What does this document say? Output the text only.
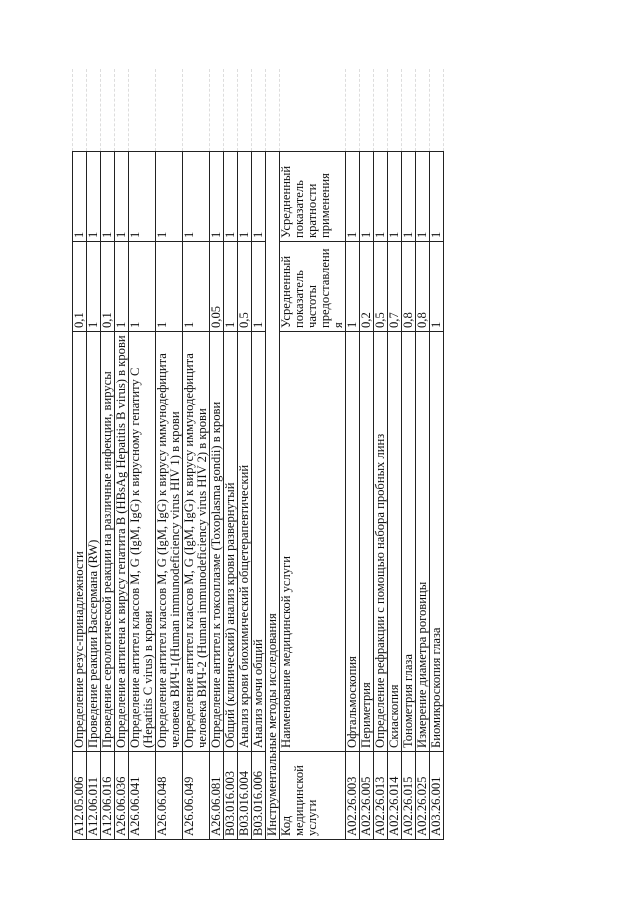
A12.05.006	Определение резус-принадлежности	0,1	1	
A12.06.011	Проведение реакции Вассермана (RW)	1	1	
A12.06.016	Проведение серологической реакции на различные инфекции, вирусы	0,1	1	
A26.06.036	Определение антигена к вирусу гепатита В (HBsAg Hepatitis В virus) в крови	1	1	
A26.06.041	Определение антител классов М, G (IgM, IgG) к вирусному гепатиту С (Hepatitis С virus) в крови	1	1	
A26.06.048	Определение антител классов М, G (IgM, IgG) к вирусу иммунодефицита человека ВИЧ-1(Human immunodeficiency virus HIV 1) в крови	1	1	
A26.06.049	Определение антител классов М, G (IgM, IgG) к вирусу иммунодефицита человека ВИЧ-2 (Human immunodeficiency virus HIV 2) в крови	1	1	
A26.06.081	Определение антител к токсоплазме (Toxoplasma gondii) в крови	0,05	1	
B03.016.003	Общий (клинический) анализ крови развернутый	1	1	
B03.016.004	Анализ крови биохимический общетерапевтический	0,5	1	
B03.016.006	Анализ мочи общий	1	1	
Инструментальные методы исследования				
Код медицинской услуги	Наименование медицинской услуги	Усредненный показатель частоты предоставления	Усредненный показатель кратности применения	
A02.26.003	Офтальмоскопия	1	1	
A02.26.005	Периметрия	0,2	1	
A02.26.013	Определение рефракции с помощью набора пробных линз	0,5	1	
A02.26.014	Скиаскопия	0,7	1	
A02.26.015	Тонометрия глаза	0,8	1	
A02.26.025	Измерение диаметра роговицы	0,8	1	
A03.26.001	Биомикроскопия глаза	1	1	
